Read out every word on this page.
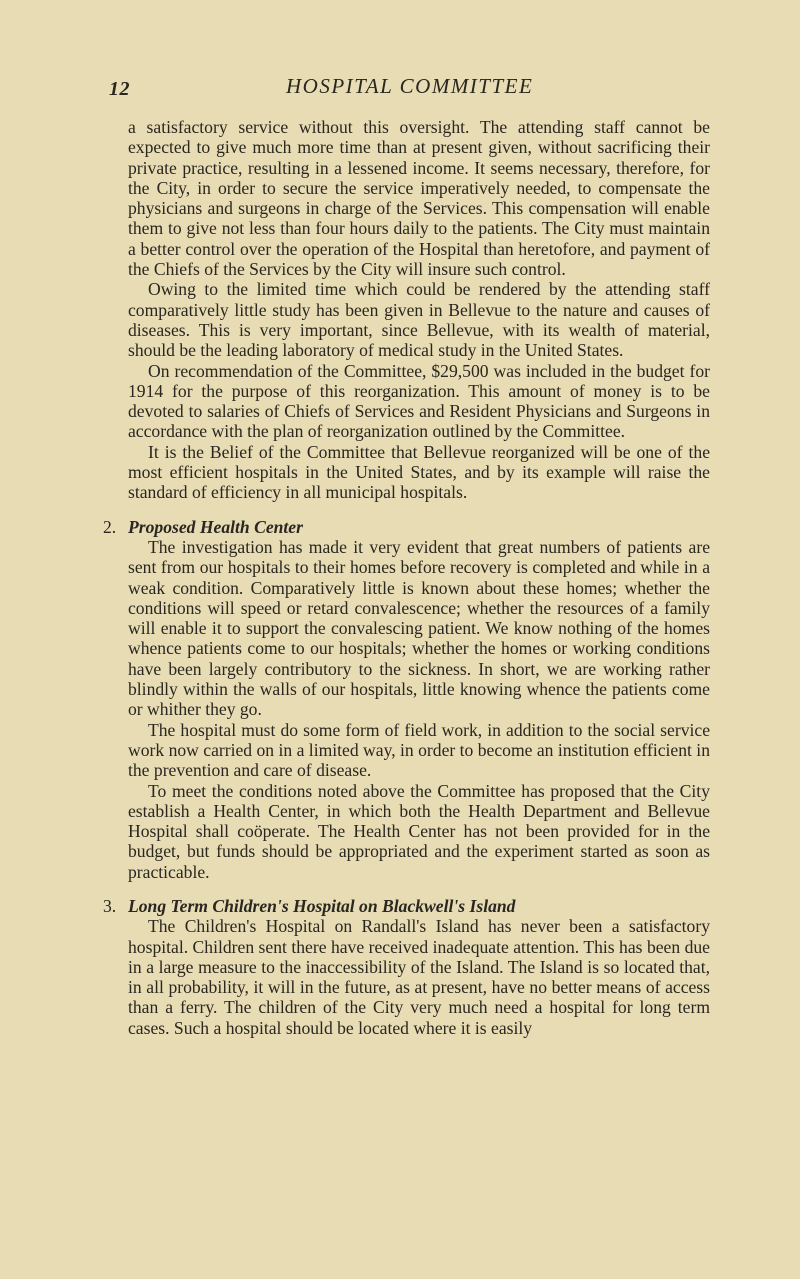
12	HOSPITAL COMMITTEE

a satisfactory service without this oversight. The attending staff cannot be expected to give much more time than at present given, without sacrificing their private practice, resulting in a lessened income. It seems necessary, therefore, for the City, in order to secure the service imperatively needed, to compensate the physicians and surgeons in charge of the Services. This compensation will enable them to give not less than four hours daily to the patients. The City must maintain a better control over the operation of the Hospital than heretofore, and payment of the Chiefs of the Services by the City will insure such control.

Owing to the limited time which could be rendered by the attending staff comparatively little study has been given in Bellevue to the nature and causes of diseases. This is very important, since Bellevue, with its wealth of material, should be the leading laboratory of medical study in the United States.

On recommendation of the Committee, $29,500 was included in the budget for 1914 for the purpose of this reorganization. This amount of money is to be devoted to salaries of Chiefs of Services and Resident Physicians and Surgeons in accordance with the plan of reorganization outlined by the Committee.

It is the Belief of the Committee that Bellevue reorganized will be one of the most efficient hospitals in the United States, and by its example will raise the standard of efficiency in all municipal hospitals.

2. Proposed Health Center

The investigation has made it very evident that great numbers of patients are sent from our hospitals to their homes before recovery is completed and while in a weak condition. Comparatively little is known about these homes; whether the conditions will speed or retard convalescence; whether the resources of a family will enable it to support the convalescing patient. We know nothing of the homes whence patients come to our hospitals; whether the homes or working conditions have been largely contributory to the sickness. In short, we are working rather blindly within the walls of our hospitals, little knowing whence the patients come or whither they go.

The hospital must do some form of field work, in addition to the social service work now carried on in a limited way, in order to become an institution efficient in the prevention and care of disease.

To meet the conditions noted above the Committee has proposed that the City establish a Health Center, in which both the Health Department and Bellevue Hospital shall coöperate. The Health Center has not been provided for in the budget, but funds should be appropriated and the experiment started as soon as practicable.

3. Long Term Children's Hospital on Blackwell's Island

The Children's Hospital on Randall's Island has never been a satisfactory hospital. Children sent there have received inadequate attention. This has been due in a large measure to the inaccessibility of the Island. The Island is so located that, in all probability, it will in the future, as at present, have no better means of access than a ferry. The children of the City very much need a hospital for long term cases. Such a hospital should be located where it is easily
